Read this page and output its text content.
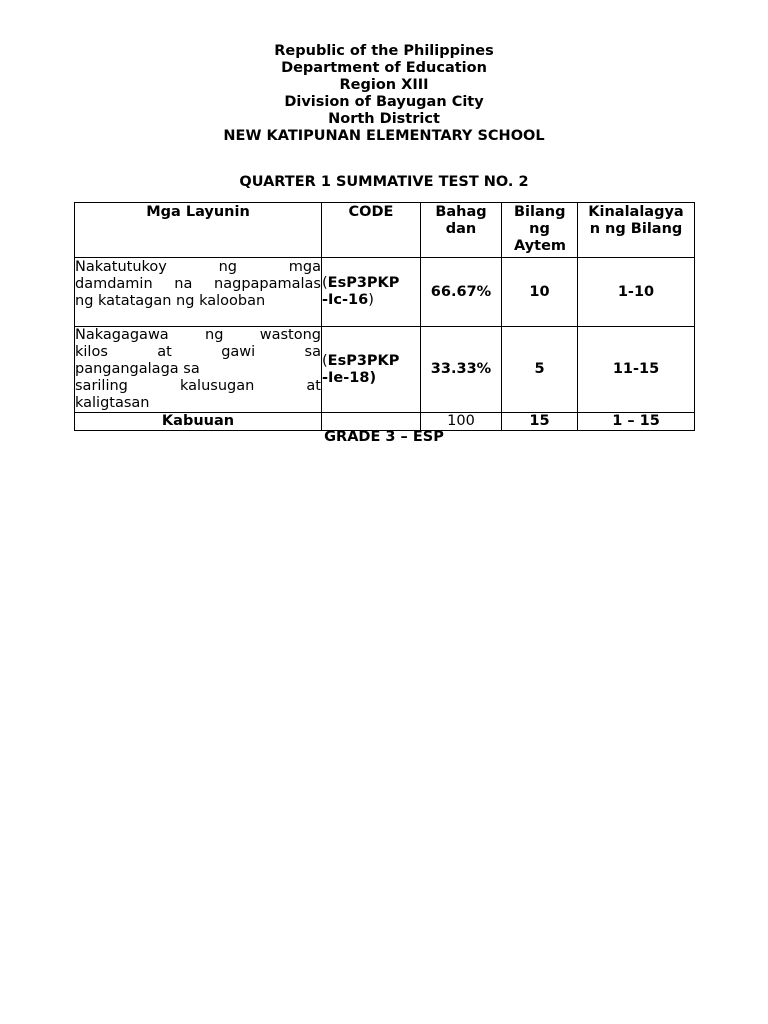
Republic of the Philippines
Department of Education
Region XIII
Division of Bayugan City
North District
NEW KATIPUNAN ELEMENTARY SCHOOL
QUARTER 1 SUMMATIVE TEST NO. 2
Mga Layunin	CODE	Bahag dan	Bilang ng Aytem	Kinalalagyan ng Bilang

Nakatutukoy ng mga
damdamin na nagpapamalas
ng katatagan ng kalooban	(EsP3PKP
-Ic-16)	66.67%	10	1-10

Nakagagawa ng wastong
kilos at gawi sa
pangangalaga sa
sariling kalusugan at
kaligtasan	(EsP3PKP
-Ie-18)	33.33%	5	11-15
Kabuuan		100	15	1 – 15
GRADE 3 – ESP
